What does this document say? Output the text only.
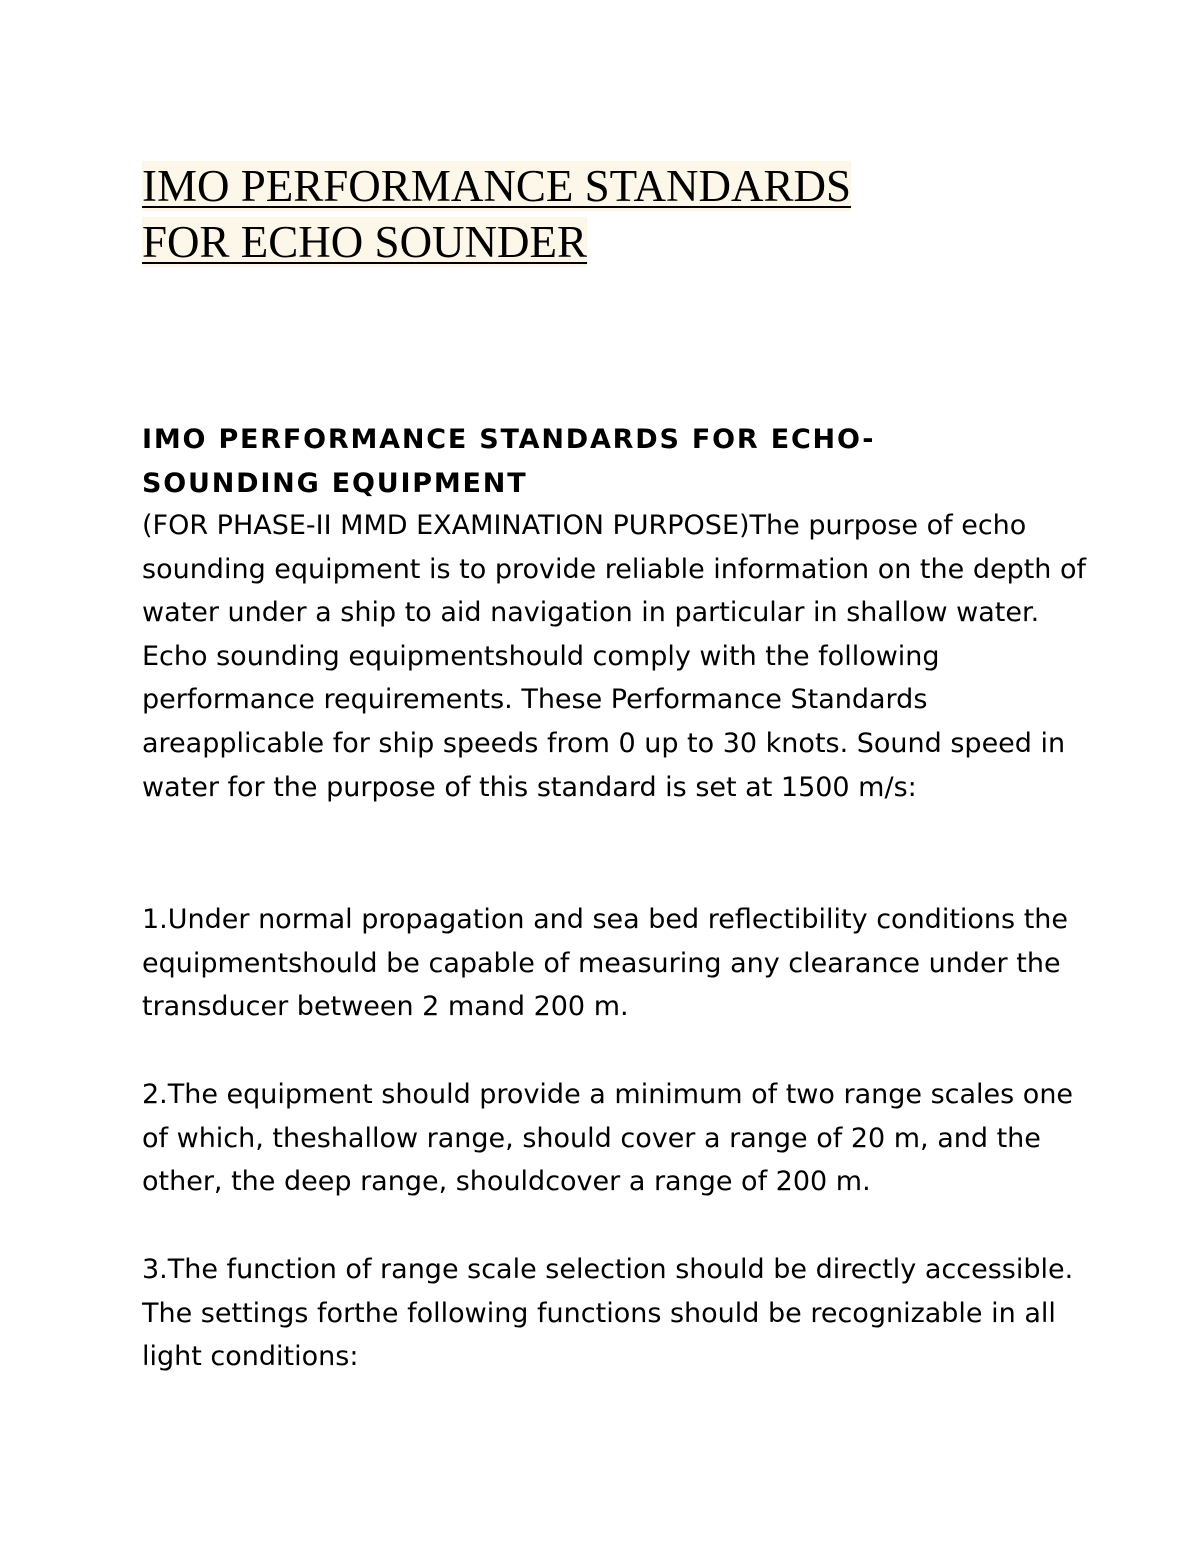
IMO PERFORMANCE STANDARDS
FOR ECHO SOUNDER
IMO PERFORMANCE STANDARDS FOR ECHO-
SOUNDING EQUIPMENT

(FOR PHASE-II MMD EXAMINATION PURPOSE)The purpose of echo sounding equipment is to provide reliable information on the depth of water under a ship to aid navigation in particular in shallow water. Echo sounding equipmentshould comply with the following performance requirements. These Performance Standards areapplicable for ship speeds from 0 up to 30 knots. Sound speed in water for the purpose of this standard is set at 1500 m/s:

1.Under normal propagation and sea bed reflectibility conditions the equipmentshould be capable of measuring any clearance under the transducer between 2 mand 200 m.

2.The equipment should provide a minimum of two range scales one of which, theshallow range, should cover a range of 20 m, and the other, the deep range, shouldcover a range of 200 m.

3.The function of range scale selection should be directly accessible. The settings forthe following functions should be recognizable in all light conditions:
